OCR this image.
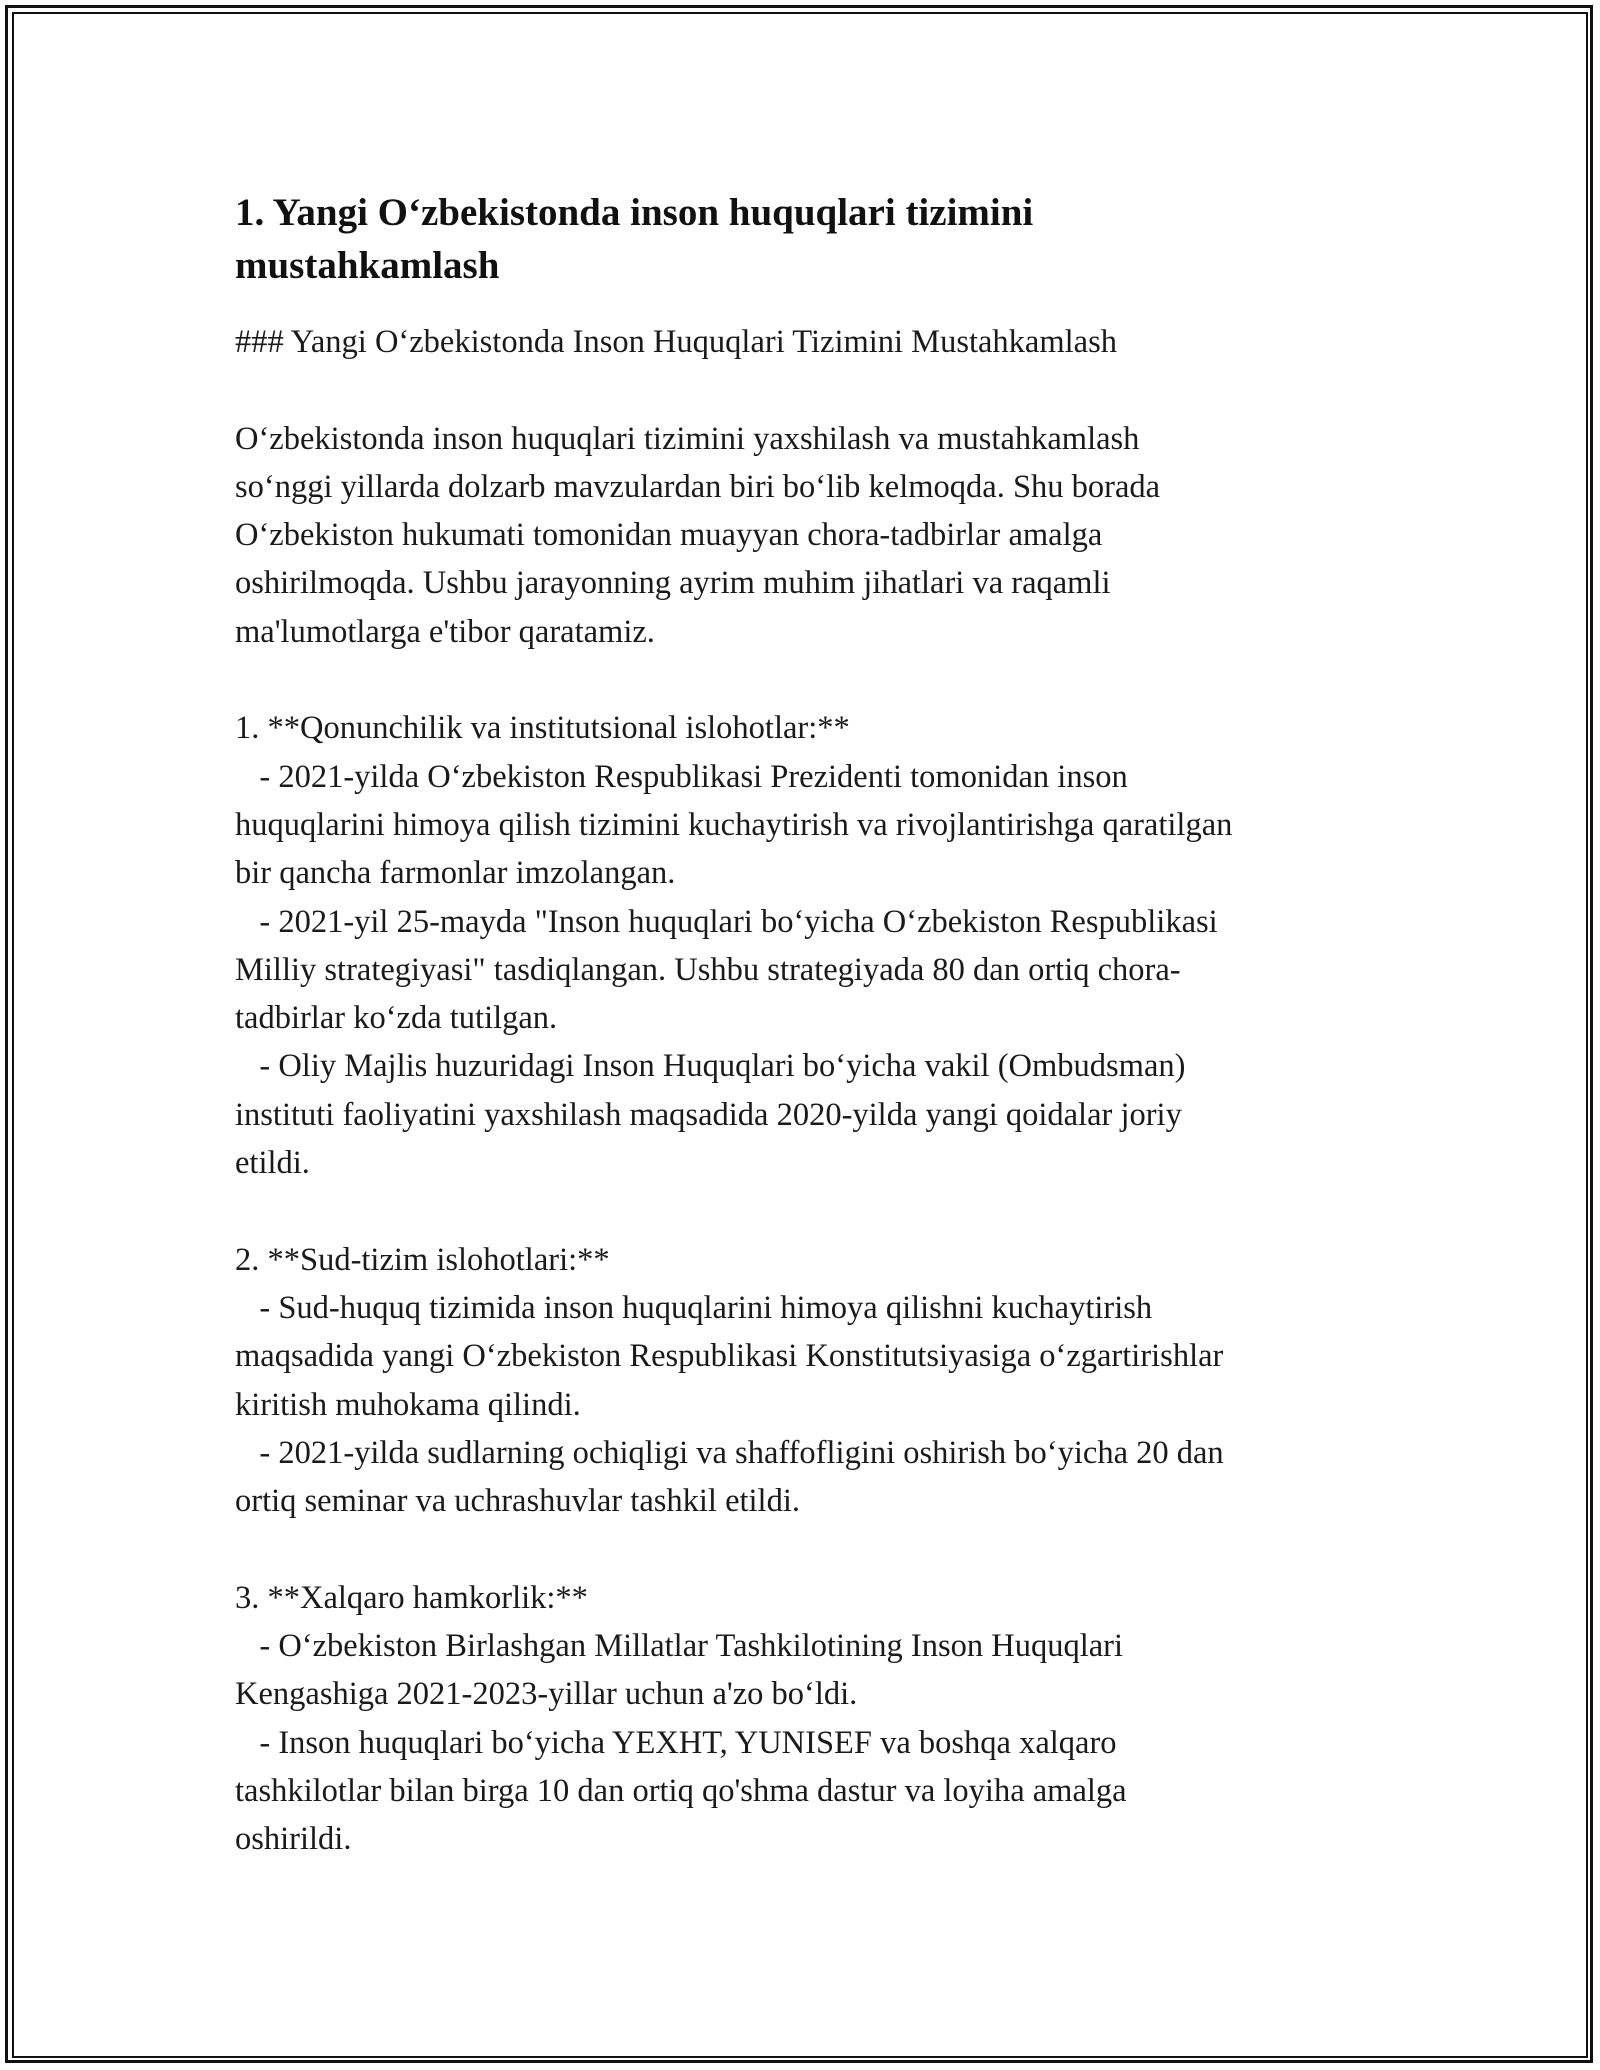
1. Yangi O‘zbekistonda inson huquqlari tizimini
mustahkamlash

### Yangi O‘zbekistonda Inson Huquqlari Tizimini Mustahkamlash

O‘zbekistonda inson huquqlari tizimini yaxshilash va mustahkamlash

so‘nggi yillarda dolzarb mavzulardan biri bo‘lib kelmoqda. Shu borada

O‘zbekiston hukumati tomonidan muayyan chora-tadbirlar amalga

oshirilmoqda. Ushbu jarayonning ayrim muhim jihatlari va raqamli

ma'lumotlarga e'tibor qaratamiz.

1. **Qonunchilik va institutsional islohotlar:**

- 2021-yilda O‘zbekiston Respublikasi Prezidenti tomonidan inson

huquqlarini himoya qilish tizimini kuchaytirish va rivojlantirishga qaratilgan

bir qancha farmonlar imzolangan.

- 2021-yil 25-mayda "Inson huquqlari bo‘yicha O‘zbekiston Respublikasi

Milliy strategiyasi" tasdiqlangan. Ushbu strategiyada 80 dan ortiq chora-

tadbirlar ko‘zda tutilgan.

- Oliy Majlis huzuridagi Inson Huquqlari bo‘yicha vakil (Ombudsman)

instituti faoliyatini yaxshilash maqsadida 2020-yilda yangi qoidalar joriy

etildi.

2. **Sud-tizim islohotlari:**

- Sud-huquq tizimida inson huquqlarini himoya qilishni kuchaytirish

maqsadida yangi O‘zbekiston Respublikasi Konstitutsiyasiga o‘zgartirishlar

kiritish muhokama qilindi.

- 2021-yilda sudlarning ochiqligi va shaffofligini oshirish bo‘yicha 20 dan

ortiq seminar va uchrashuvlar tashkil etildi.

3. **Xalqaro hamkorlik:**

- O‘zbekiston Birlashgan Millatlar Tashkilotining Inson Huquqlari

Kengashiga 2021-2023-yillar uchun a'zo bo‘ldi.

- Inson huquqlari bo‘yicha YEXHT, YUNISEF va boshqa xalqaro

tashkilotlar bilan birga 10 dan ortiq qo'shma dastur va loyiha amalga

oshirildi.
